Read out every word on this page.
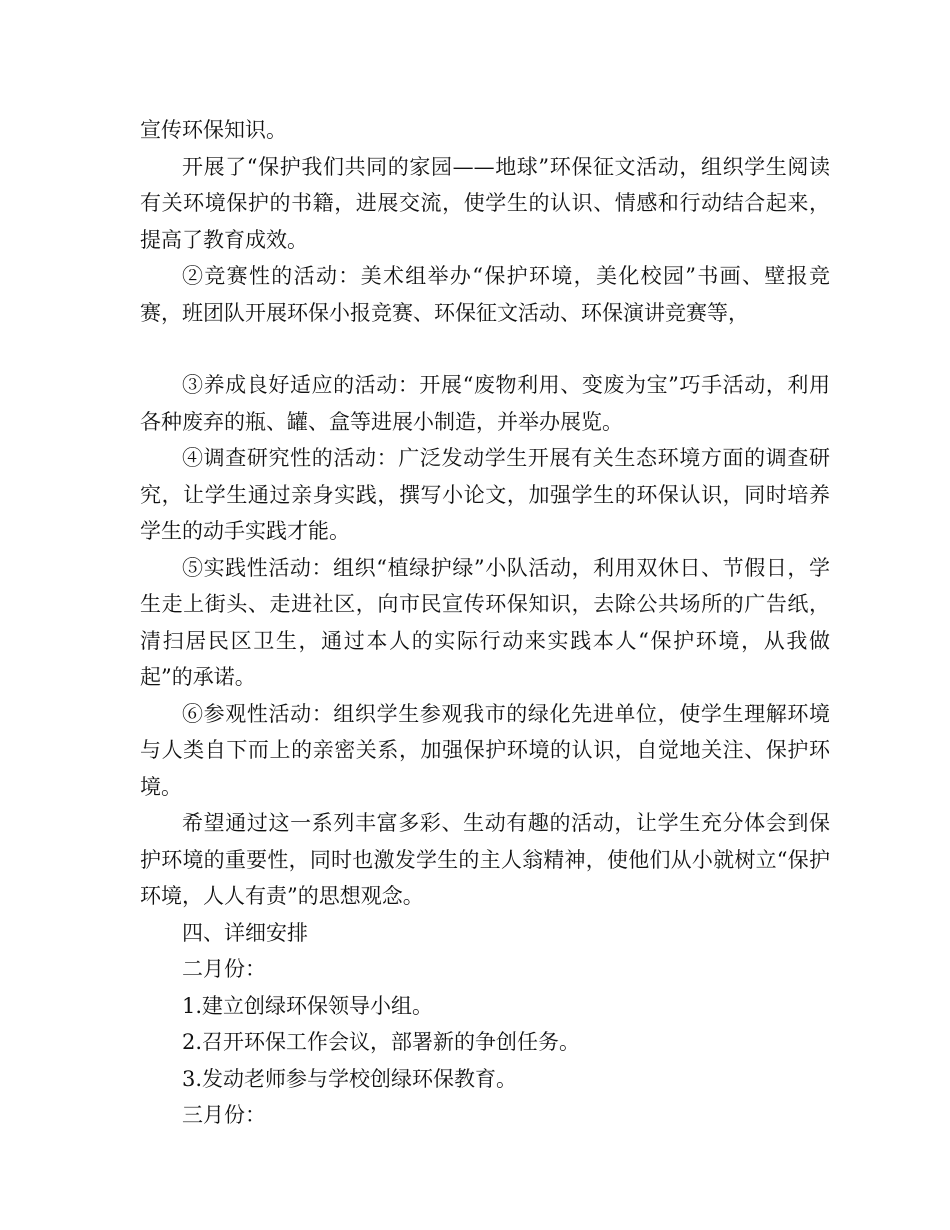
宣传环保知识。

开展了“保护我们共同的家园——地球”环保征文活动，组织学生阅读有关环境保护的书籍，进展交流，使学生的认识、情感和行动结合起来，提高了教育成效。

②竞赛性的活动：美术组举办“保护环境，美化校园”书画、壁报竞赛，班团队开展环保小报竞赛、环保征文活动、环保演讲竞赛等，

③养成良好适应的活动：开展“废物利用、变废为宝”巧手活动，利用各种废弃的瓶、罐、盒等进展小制造，并举办展览。

④调查研究性的活动：广泛发动学生开展有关生态环境方面的调查研究，让学生通过亲身实践，撰写小论文，加强学生的环保认识，同时培养学生的动手实践才能。

⑤实践性活动：组织“植绿护绿”小队活动，利用双休日、节假日，学生走上街头、走进社区，向市民宣传环保知识，去除公共场所的广告纸，清扫居民区卫生，通过本人的实际行动来实践本人“保护环境，从我做起”的承诺。

⑥参观性活动：组织学生参观我市的绿化先进单位，使学生理解环境与人类自下而上的亲密关系，加强保护环境的认识，自觉地关注、保护环境。

希望通过这一系列丰富多彩、生动有趣的活动，让学生充分体会到保护环境的重要性，同时也激发学生的主人翁精神，使他们从小就树立“保护环境，人人有责”的思想观念。

四、详细安排

二月份：

1.建立创绿环保领导小组。

2.召开环保工作会议，部署新的争创任务。

3.发动老师参与学校创绿环保教育。

三月份：
